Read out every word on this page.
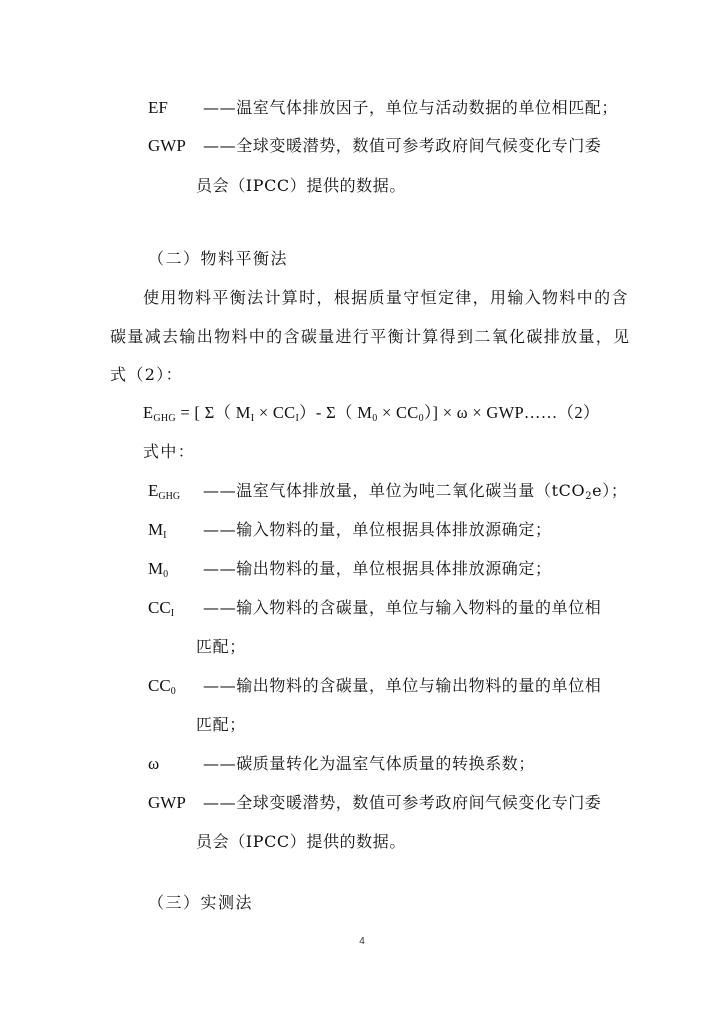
EF ——温室气体排放因子，单位与活动数据的单位相匹配；
GWP ——全球变暖潜势，数值可参考政府间气候变化专门委
员会（IPCC）提供的数据。
（二）物料平衡法
使用物料平衡法计算时，根据质量守恒定律，用输入物料中的含
碳量减去输出物料中的含碳量进行平衡计算得到二氧化碳排放量，见
式（2）：
$E_{GHG}$ = [ Σ（ $M_I \times CC_I)-$ Σ（ $M_0 \times CC_0)] \times \omega$ × GWP……（2）
式中：
$E_{GHG}$ ——温室气体排放量，单位为吨二氧化碳当量（tCO$_2$e）；
$M_I$ ——输入物料的量，单位根据具体排放源确定；
$M_0$ ——输出物料的量，单位根据具体排放源确定；
$CC_I$ ——输入物料的含碳量，单位与输入物料的量的单位相
匹配；
$CC_0$ ——输出物料的含碳量，单位与输出物料的量的单位相
匹配；
ω	——碳质量转化为温室气体质量的转换系数；
GWP ——全球变暖潜势，数值可参考政府间气候变化专门委
员会（IPCC）提供的数据。
（三）实测法
4
